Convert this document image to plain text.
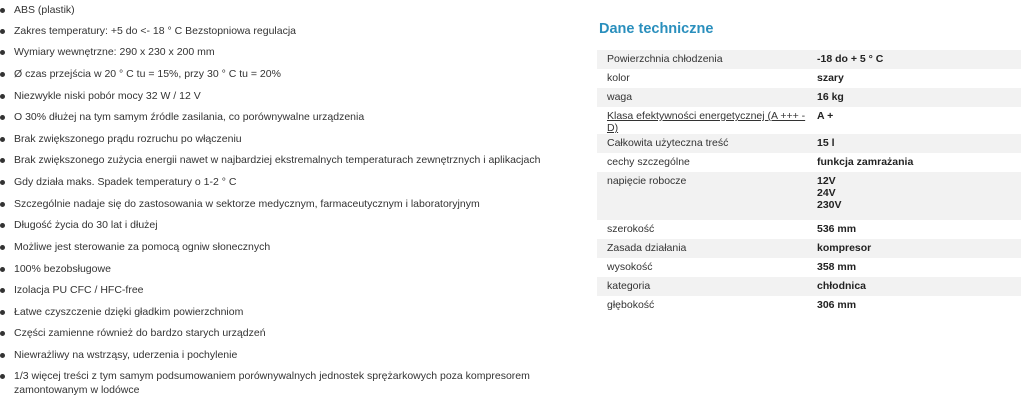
ABS (plastik)
Zakres temperatury: +5 do <- 18 ° C Bezstopniowa regulacja
Wymiary wewnętrzne: 290 x 230 x 200 mm
Ø czas przejścia w 20 ° C tu = 15%, przy 30 ° C tu = 20%
Niezwykle niski pobór mocy 32 W / 12 V
O 30% dłużej na tym samym źródle zasilania, co porównywalne urządzenia
Brak zwiększonego prądu rozruchu po włączeniu
Brak zwiększonego zużycia energii nawet w najbardziej ekstremalnych temperaturach zewnętrznych i aplikacjach
Gdy działa maks. Spadek temperatury o 1-2 ° C
Szczególnie nadaje się do zastosowania w sektorze medycznym, farmaceutycznym i laboratoryjnym
Długość życia do 30 lat i dłużej
Możliwe jest sterowanie za pomocą ogniw słonecznych
100% bezobsługowe
Izolacja PU CFC / HFC-free
Łatwe czyszczenie dzięki gładkim powierzchniom
Części zamienne również do bardzo starych urządzeń
Niewrażliwy na wstrząsy, uderzenia i pochylenie
1/3 więcej treści z tym samym podsumowaniem porównywalnych jednostek sprężarkowych poza kompresorem zamontowanym w lodówce
Dane techniczne
Powierzchnia chłodzenia	-18 do + 5 ° C

kolor	szary

waga	16 kg

Klasa efektywności energetycznej (A +++ - D)	A +

Całkowita użyteczna treść	15 l

cechy szczególne	funkcja zamrażania

napięcie robocze	12V
24V
230V

szerokość	536 mm

Zasada działania	kompresor

wysokość	358 mm

kategoria	chłodnica

głębokość	306 mm
